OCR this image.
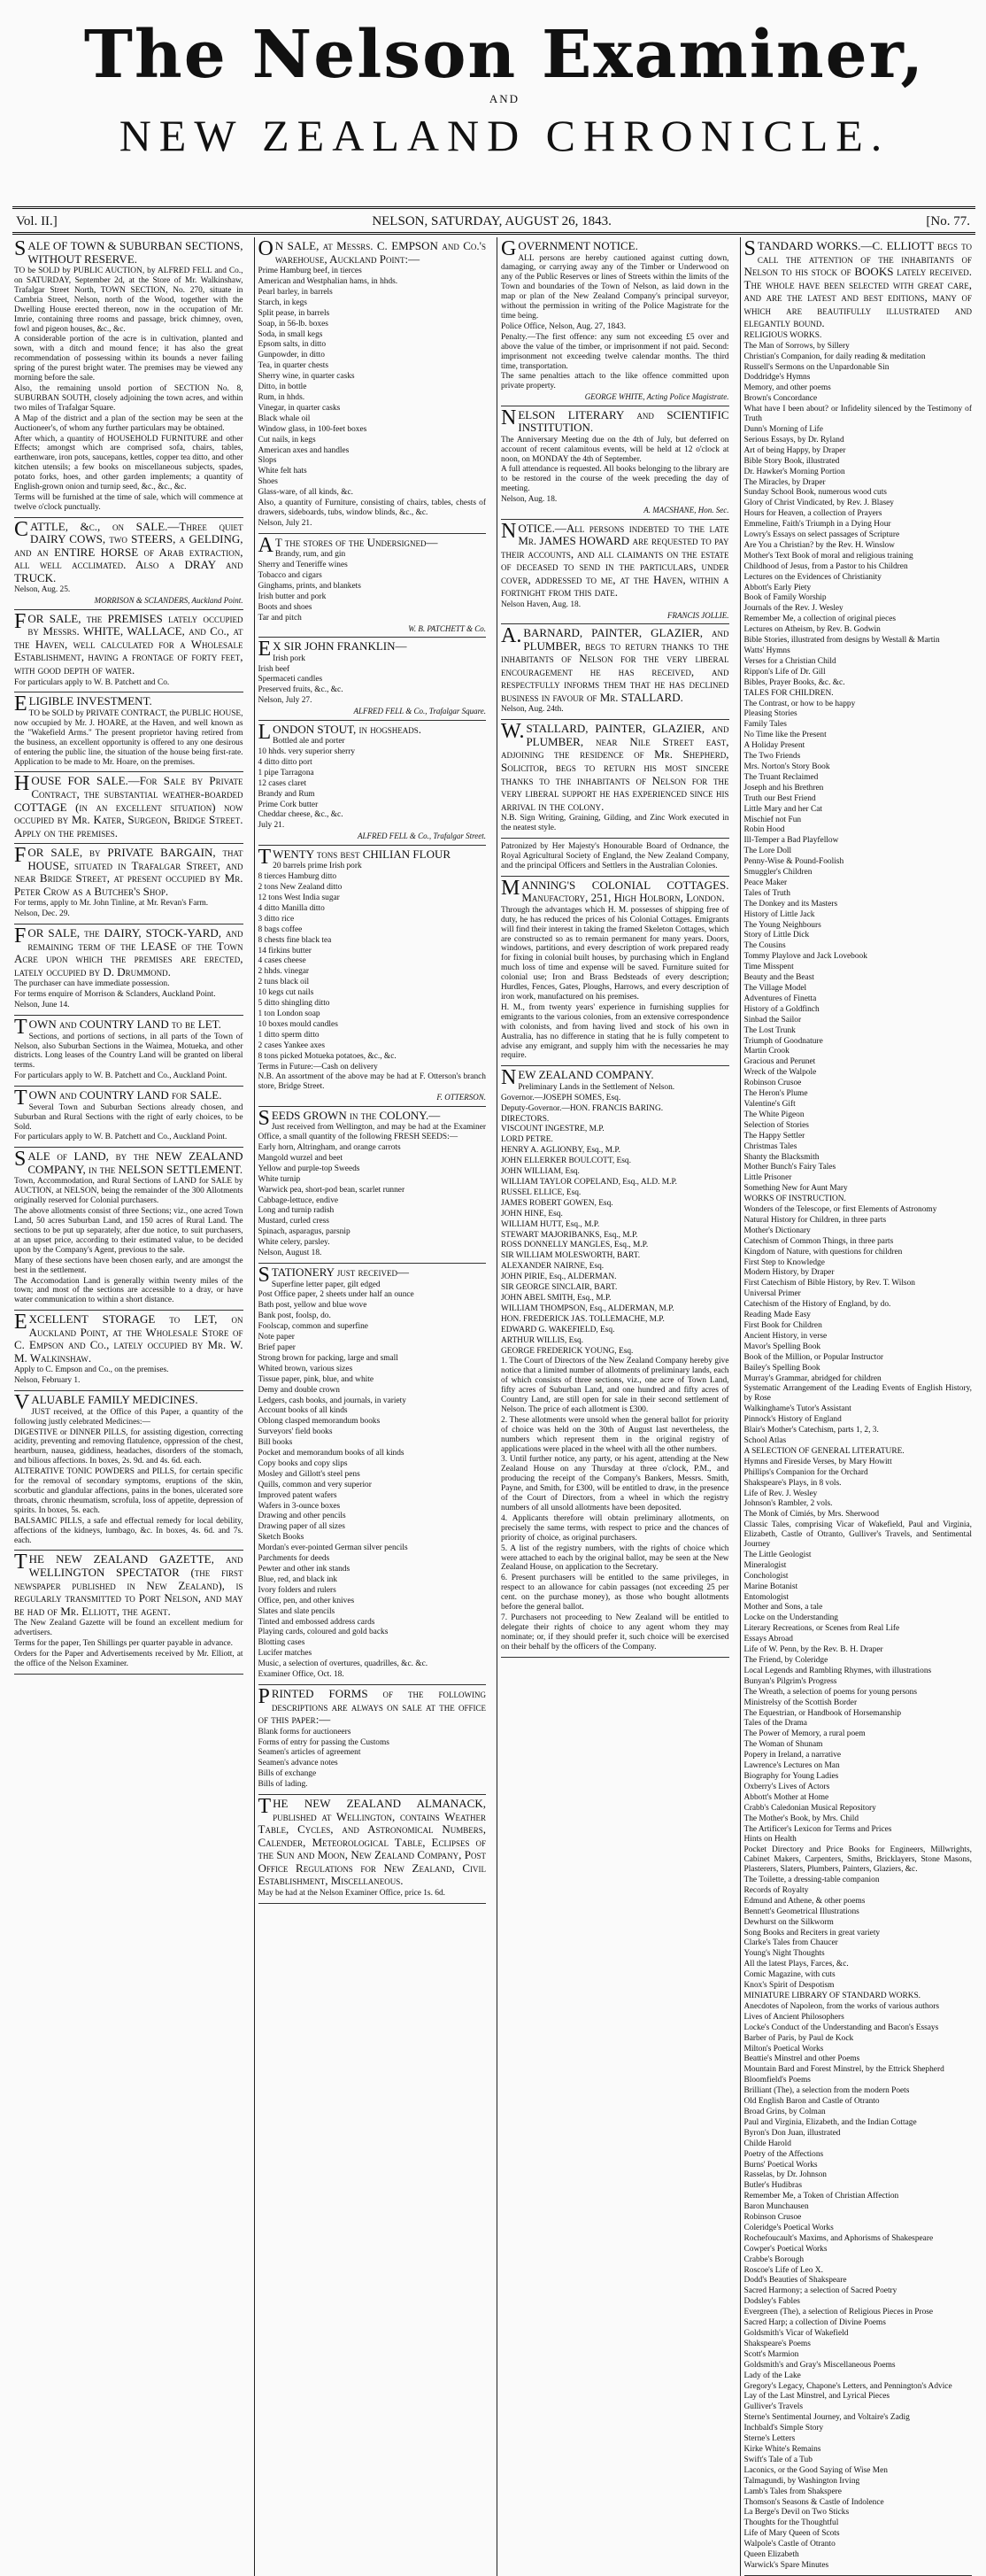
The Nelson Examiner,
AND
NEW ZEALAND CHRONICLE.
Vol. II.]	NELSON, SATURDAY, AUGUST 26, 1843.	[No. 77.
SALE OF TOWN & SUBURBAN SECTIONS, WITHOUT RESERVE.

TO be SOLD by PUBLIC AUCTION, by ALFRED FELL and Co., on SATURDAY, September 2d, at the Store of Mr. Walkinshaw, Trafalgar Street North, TOWN SECTION, No. 270, situate in Cambria Street, Nelson, north of the Wood, together with the Dwelling House erected thereon, now in the occupation of Mr. Imrie, containing three rooms and passage, brick chimney, oven, fowl and pigeon houses, &c., &c.

A considerable portion of the acre is in cultivation, planted and sown, with a ditch and mound fence; it has also the great recommendation of possessing within its bounds a never failing spring of the purest bright water. The premises may be viewed any morning before the sale.

Also, the remaining unsold portion of SECTION No. 8, SUBURBAN SOUTH, closely adjoining the town acres, and within two miles of Trafalgar Square.

A Map of the district and a plan of the section may be seen at the Auctioneer's, of whom any further particulars may be obtained.

After which, a quantity of HOUSEHOLD FURNITURE and other Effects; amongst which are comprised sofa, chairs, tables, earthenware, iron pots, saucepans, kettles, copper tea ditto, and other kitchen utensils; a few books on miscellaneous subjects, spades, potato forks, hoes, and other garden implements; a quantity of English-grown onion and turnip seed, &c., &c., &c.

Terms will be furnished at the time of sale, which will commence at twelve o'clock punctually.

CATTLE, &c., on SALE.—Three quiet DAIRY COWS, two STEERS, a GELDING, and an ENTIRE HORSE of Arab extraction, all well acclimated. Also a DRAY and TRUCK.

Nelson, Aug. 25.

MORRISON & SCLANDERS, Auckland Point.
FOR SALE, the PREMISES lately occupied by Messrs. WHITE, WALLACE, and Co., at the Haven, well calculated for a Wholesale Establishment, having a frontage of forty feet, with good depth of water.

For particulars apply to W. B. Patchett and Co.

ELIGIBLE INVESTMENT.

TO be SOLD by PRIVATE CONTRACT, the PUBLIC HOUSE, now occupied by Mr. J. HOARE, at the Haven, and well known as the "Wakefield Arms." The present proprietor having retired from the business, an excellent opportunity is offered to any one desirous of entering the public line, the situation of the house being first-rate. Application to be made to Mr. Hoare, on the premises.

HOUSE FOR SALE.—For Sale by Private Contract, the substantial weather-boarded COTTAGE (in an excellent situation) now occupied by Mr. Kater, Surgeon, Bridge Street. Apply on the premises.
FOR SALE, by PRIVATE BARGAIN, that HOUSE, situated in Trafalgar Street, and near Bridge Street, at present occupied by Mr. Peter Crow as a Butcher's Shop.

For terms, apply to Mr. John Tinline, at Mr. Revan's Farm.

Nelson, Dec. 29.

FOR SALE, the DAIRY, STOCK-YARD, and remaining term of the LEASE of the Town Acre upon which the premises are erected, lately occupied by D. Drummond.

The purchaser can have immediate possession.

For terms enquire of Morrison & Sclanders, Auckland Point.

Nelson, June 14.

TOWN and COUNTRY LAND to be LET.

Sections, and portions of sections, in all parts of the Town of Nelson, also Suburban Sections in the Waimea, Motueka, and other districts. Long leases of the Country Land will be granted on liberal terms.

For particulars apply to W. B. Patchett and Co., Auckland Point.

TOWN and COUNTRY LAND for SALE.

Several Town and Suburban Sections already chosen, and Suburban and Rural Sections with the right of early choices, to be Sold.

For particulars apply to W. B. Patchett and Co., Auckland Point.

SALE of LAND, by the NEW ZEALAND COMPANY, in the NELSON SETTLEMENT.

Town, Accommodation, and Rural Sections of LAND for SALE by AUCTION, at NELSON, being the remainder of the 300 Allotments originally reserved for Colonial purchasers.

The above allotments consist of three Sections; viz., one acred Town Land, 50 acres Suburban Land, and 150 acres of Rural Land. The sections to be put up separately, after due notice, to suit purchasers, at an upset price, according to their estimated value, to be decided upon by the Company's Agent, previous to the sale.

Many of these sections have been chosen early, and are amongst the best in the settlement.

The Accomodation Land is generally within twenty miles of the town; and most of the sections are accessible to a dray, or have water communication to within a short distance.

EXCELLENT STORAGE to LET, on Auckland Point, at the Wholesale Store of C. Empson and Co., lately occupied by Mr. W. M. Walkinshaw.

Apply to C. Empson and Co., on the premises.

Nelson, February 1.

VALUABLE FAMILY MEDICINES.

JUST received, at the Office of this Paper, a quantity of the following justly celebrated Medicines:—

DIGESTIVE or DINNER PILLS, for assisting digestion, correcting acidity, preventing and removing flatulence, oppression of the chest, heartburn, nausea, giddiness, headaches, disorders of the stomach, and bilious affections. In boxes, 2s. 9d. and 4s. 6d. each.

ALTERATIVE TONIC POWDERS and PILLS, for certain specific for the removal of secondary symptoms, eruptions of the skin, scorbutic and glandular affections, pains in the bones, ulcerated sore throats, chronic rheumatism, scrofula, loss of appetite, depression of spirits. In boxes, 5s. each.

BALSAMIC PILLS, a safe and effectual remedy for local debility, affections of the kidneys, lumbago, &c. In boxes, 4s. 6d. and 7s. each.

THE NEW ZEALAND GAZETTE, and WELLINGTON SPECTATOR (the first newspaper published in New Zealand), is regularly transmitted to Port Nelson, and may be had of Mr. Elliott, the agent.

The New Zealand Gazette will be found an excellent medium for advertisers.

Terms for the paper, Ten Shillings per quarter payable in advance.

Orders for the Paper and Advertisements received by Mr. Elliott, at the office of the Nelson Examiner.

ON SALE, at Messrs. C. EMPSON and Co.'s warehouse, Auckland Point:—

Prime Hamburg beef, in tierces

American and Westphalian hams, in hhds.

Pearl barley, in barrels

Starch, in kegs

Split pease, in barrels

Soap, in 56-lb. boxes

Soda, in small kegs

Epsom salts, in ditto

Gunpowder, in ditto

Tea, in quarter chests

Sherry wine, in quarter casks

Ditto, in bottle

Rum, in hhds.

Vinegar, in quarter casks

Black whale oil

Window glass, in 100-feet boxes

Cut nails, in kegs

American axes and handles

Slops

White felt hats

Shoes

Glass-ware, of all kinds, &c.

Also, a quantity of Furniture, consisting of chairs, tables, chests of drawers, sideboards, tubs, window blinds, &c., &c.

Nelson, July 21.

AT the stores of the Undersigned—

Brandy, rum, and gin

Sherry and Teneriffe wines

Tobacco and cigars

Ginghams, prints, and blankets

Irish butter and pork

Boots and shoes

Tar and pitch

W. B. PATCHETT & Co.
EX SIR JOHN FRANKLIN—

Irish pork

Irish beef

Spermaceti candles

Preserved fruits, &c., &c.

Nelson, July 27.

ALFRED FELL & Co., Trafalgar Square.
LONDON STOUT, in hogsheads.

Bottled ale and porter

10 hhds. very superior sherry

4 ditto ditto port

1 pipe Tarragona

12 cases claret

Brandy and Rum

Prime Cork butter

Cheddar cheese, &c., &c.

July 21.

ALFRED FELL & Co., Trafalgar Street.
TWENTY tons best CHILIAN FLOUR

20 barrels prime Irish pork

8 tierces Hamburg ditto

2 tons New Zealand ditto

12 tons West India sugar

4 ditto Manilla ditto

3 ditto rice

8 bags coffee

8 chests fine black tea

14 firkins butter

4 cases cheese

2 hhds. vinegar

2 tuns black oil

10 kegs cut nails

5 ditto shingling ditto

1 ton London soap

10 boxes mould candles

1 ditto sperm ditto

2 cases Yankee axes

8 tons picked Motueka potatoes, &c., &c.

Terms in Future:—Cash on delivery

N.B. An assortment of the above may be had at F. Otterson's branch store, Bridge Street.

F. OTTERSON.
SEEDS GROWN in the COLONY.—

Just received from Wellington, and may be had at the Examiner Office, a small quantity of the following FRESH SEEDS:—

Early horn, Altringham, and orange carrots

Mangold wurzel and beet

Yellow and purple-top Sweeds

White turnip

Warwick pea, short-pod bean, scarlet runner

Cabbage-lettuce, endive

Long and turnip radish

Mustard, curled cress

Spinach, asparagus, parsnip

White celery, parsley.

Nelson, August 18.

STATIONERY just received—

Superfine letter paper, gilt edged

Post Office paper, 2 sheets under half an ounce

Bath post, yellow and blue wove

Bank post, foolsp, do.

Foolscap, common and superfine

Note paper

Brief paper

Strong brown for packing, large and small

Whited brown, various sizes

Tissue paper, pink, blue, and white

Demy and double crown

Ledgers, cash books, and journals, in variety

Account books of all kinds

Oblong clasped memorandum books

Surveyors' field books

Bill books

Pocket and memorandum books of all kinds

Copy books and copy slips

Mosley and Gillott's steel pens

Quills, common and very superior

Improved patent wafers

Wafers in 3-ounce boxes

Drawing and other pencils

Drawing paper of all sizes

Sketch Books

Mordan's ever-pointed German silver pencils

Parchments for deeds

Pewter and other ink stands

Blue, red, and black ink

Ivory folders and rulers

Office, pen, and other knives

Slates and slate pencils

Tinted and embossed address cards

Playing cards, coloured and gold backs

Blotting cases

Lucifer matches

Music, a selection of overtures, quadrilles, &c. &c.

Examiner Office, Oct. 18.

PRINTED FORMS of the following descriptions are always on sale at the office of this paper:—

Blank forms for auctioneers

Forms of entry for passing the Customs

Seamen's articles of agreement

Seamen's advance notes

Bills of exchange

Bills of lading.

THE NEW ZEALAND ALMANACK, published at Wellington, contains Weather Table, Cycles, and Astronomical Numbers, Calender, Meteorological Table, Eclipses of the Sun and Moon, New Zealand Company, Post Office Regulations for New Zealand, Civil Establishment, Miscellaneous.

May be had at the Nelson Examiner Office, price 1s. 6d.

GOVERNMENT NOTICE.

ALL persons are hereby cautioned against cutting down, damaging, or carrying away any of the Timber or Underwood on any of the Public Reserves or lines of Streets within the limits of the Town and boundaries of the Town of Nelson, as laid down in the map or plan of the New Zealand Company's principal surveyor, without the permission in writing of the Police Magistrate for the time being.

Police Office, Nelson, Aug. 27, 1843.

Penalty.—The first offence: any sum not exceeding £5 over and above the value of the timber, or imprisonment if not paid. Second: imprisonment not exceeding twelve calendar months. The third time, transportation.

The same penalties attach to the like offence committed upon private property.

GEORGE WHITE, Acting Police Magistrate.
NELSON LITERARY and SCIENTIFIC INSTITUTION.

The Anniversary Meeting due on the 4th of July, but deferred on account of recent calamitous events, will be held at 12 o'clock at noon, on MONDAY the 4th of September.

A full attendance is requested. All books belonging to the library are to be restored in the course of the week preceding the day of meeting.

Nelson, Aug. 18.

A. MACSHANE, Hon. Sec.
NOTICE.—All persons indebted to the late Mr. JAMES HOWARD are requested to pay their accounts, and all claimants on the estate of deceased to send in the particulars, under cover, addressed to me, at the Haven, within a fortnight from this date.

Nelson Haven, Aug. 18.

FRANCIS JOLLIE.
A.BARNARD, PAINTER, GLAZIER, and PLUMBER, begs to return thanks to the inhabitants of Nelson for the very liberal encouragement he has received, and respectfully informs them that he has declined business in favour of Mr. STALLARD.

Nelson, Aug. 24th.

W.STALLARD, PAINTER, GLAZIER, and PLUMBER, near Nile Street east, adjoining the residence of Mr. Shepherd, Solicitor, begs to return his most sincere thanks to the inhabitants of Nelson for the very liberal support he has experienced since his arrival in the colony.

N.B. Sign Writing, Graining, Gilding, and Zinc Work executed in the neatest style.

Patronized by Her Majesty's Honourable Board of Ordnance, the Royal Agricultural Society of England, the New Zealand Company, and the principal Officers and Settlers in the Australian Colonies.

MANNING'S COLONIAL COTTAGES. Manufactory, 251, High Holborn, London.

Through the advantages which H. M. possesses of shipping free of duty, he has reduced the prices of his Colonial Cottages. Emigrants will find their interest in taking the framed Skeleton Cottages, which are constructed so as to remain permanent for many years. Doors, windows, partitions, and every description of work prepared ready for fixing in colonial built houses, by purchasing which in England much loss of time and expense will be saved. Furniture suited for colonial use; Iron and Brass Bedsteads of every description; Hurdles, Fences, Gates, Ploughs, Harrows, and every description of iron work, manufactured on his premises.

H. M., from twenty years' experience in furnishing supplies for emigrants to the various colonies, from an extensive correspondence with colonists, and from having lived and stock of his own in Australia, has no difference in stating that he is fully competent to advise any emigrant, and supply him with the necessaries he may require.

NEW ZEALAND COMPANY.

Preliminary Lands in the Settlement of Nelson.

Governor.—JOSEPH SOMES, Esq.

Deputy-Governor.—HON. FRANCIS BARING.

DIRECTORS.

VISCOUNT INGESTRE, M.P.

LORD PETRE.

HENRY A. AGLIONBY, Esq., M.P.

JOHN ELLERKER BOULCOTT, Esq.

JOHN WILLIAM, Esq.

WILLIAM TAYLOR COPELAND, Esq., ALD. M.P.

RUSSEL ELLICE, Esq.

JAMES ROBERT GOWEN, Esq.

JOHN HINE, Esq.

WILLIAM HUTT, Esq., M.P.

STEWART MAJORIBANKS, Esq., M.P.

ROSS DONNELLY MANGLES, Esq., M.P.

SIR WILLIAM MOLESWORTH, BART.

ALEXANDER NAIRNE, Esq.

JOHN PIRIE, Esq., ALDERMAN.

SIR GEORGE SINCLAIR, BART.

JOHN ABEL SMITH, Esq., M.P.

WILLIAM THOMPSON, Esq., ALDERMAN, M.P.

HON. FREDERICK JAS. TOLLEMACHE, M.P.

EDWARD G. WAKEFIELD, Esq.

ARTHUR WILLIS, Esq.

GEORGE FREDERICK YOUNG, Esq.

1. The Court of Directors of the New Zealand Company hereby give notice that a limited number of allotments of preliminary lands, each of which consists of three sections, viz., one acre of Town Land, fifty acres of Suburban Land, and one hundred and fifty acres of Country Land, are still open for sale in their second settlement of Nelson. The price of each allotment is £300.

2. These allotments were unsold when the general ballot for priority of choice was held on the 30th of August last nevertheless, the numbers which represent them in the original registry of applications were placed in the wheel with all the other numbers.

3. Until further notice, any party, or his agent, attending at the New Zealand House on any Thursday at three o'clock, P.M., and producing the receipt of the Company's Bankers, Messrs. Smith, Payne, and Smith, for £300, will be entitled to draw, in the presence of the Court of Directors, from a wheel in which the registry numbers of all unsold allotments have been deposited.

4. Applicants therefore will obtain preliminary allotments, on precisely the same terms, with respect to price and the chances of priority of choice, as original purchasers.

5. A list of the registry numbers, with the rights of choice which were attached to each by the original ballot, may be seen at the New Zealand House, on application to the Secretary.

6. Present purchasers will be entitled to the same privileges, in respect to an allowance for cabin passages (not exceeding 25 per cent. on the purchase money), as those who bought allotments before the general ballot.

7. Purchasers not proceeding to New Zealand will be entitled to delegate their rights of choice to any agent whom they may nominate; or, if they should prefer it, such choice will be exercised on their behalf by the officers of the Company.

STANDARD WORKS.—C. ELLIOTT begs to call the attention of the inhabitants of Nelson to his stock of BOOKS lately received. The whole have been selected with great care, and are the latest and best editions, many of which are beautifully illustrated and elegantly bound.

RELIGIOUS WORKS.

The Man of Sorrows, by Sillery

Christian's Companion, for daily reading & meditation

Russell's Sermons on the Unpardonable Sin

Doddridge's Hymns

Memory, and other poems

Brown's Concordance

What have I been about? or Infidelity silenced by the Testimony of Truth

Dunn's Morning of Life

Serious Essays, by Dr. Ryland

Art of being Happy, by Draper

Bible Story Book, illustrated

Dr. Hawker's Morning Portion

The Miracles, by Draper

Sunday School Book, numerous wood cuts

Glory of Christ Vindicated, by Rev. J. Blasey

Hours for Heaven, a collection of Prayers

Emmeline, Faith's Triumph in a Dying Hour

Lowry's Essays on select passages of Scripture

Are You a Christian? by the Rev. H. Winslow

Mother's Text Book of moral and religious training

Childhood of Jesus, from a Pastor to his Children

Lectures on the Evidences of Christianity

Abbott's Early Piety

Book of Family Worship

Journals of the Rev. J. Wesley

Remember Me, a collection of original pieces

Lectures on Atheism, by Rev. B. Godwin

Bible Stories, illustrated from designs by Westall & Martin

Watts' Hymns

Verses for a Christian Child

Rippon's Life of Dr. Gill

Bibles, Prayer Books, &c. &c.

TALES FOR CHILDREN.

The Contrast, or how to be happy

Pleasing Stories

Family Tales

No Time like the Present

A Holiday Present

The Two Friends

Mrs. Norton's Story Book

The Truant Reclaimed

Joseph and his Brethren

Truth our Best Friend

Little Mary and her Cat

Mischief not Fun

Robin Hood

Ill-Temper a Bad Playfellow

The Lore Doll

Penny-Wise & Pound-Foolish

Smuggler's Children

Peace Maker

Tales of Truth

The Donkey and its Masters

History of Little Jack

The Young Neighbours

Story of Little Dick

The Cousins

Tommy Playlove and Jack Lovebook

Time Misspent

Beauty and the Beast

The Village Model

Adventures of Finetta

History of a Goldfinch

Sinbad the Sailor

The Lost Trunk

Triumph of Goodnature

Martin Crook

Gracious and Perunet

Wreck of the Walpole

Robinson Crusoe

The Heron's Plume

Valentine's Gift

The White Pigeon

Selection of Stories

The Happy Settler

Christmas Tales

Shanty the Blacksmith

Mother Bunch's Fairy Tales

Little Prisoner

Something New for Aunt Mary

WORKS OF INSTRUCTION.

Wonders of the Telescope, or first Elements of Astronomy

Natural History for Children, in three parts

Mother's Dictionary

Catechism of Common Things, in three parts

Kingdom of Nature, with questions for children

First Step to Knowledge

Modern History, by Draper

First Catechism of Bible History, by Rev. T. Wilson

Universal Primer

Catechism of the History of England, by do.

Reading Made Easy

First Book for Children

Ancient History, in verse

Mavor's Spelling Book

Book of the Million, or Popular Instructor

Bailey's Spelling Book

Murray's Grammar, abridged for children

Systematic Arrangement of the Leading Events of English History, by Rose

Walkinghame's Tutor's Assistant

Pinnock's History of England

Blair's Mother's Catechism, parts 1, 2, 3.

School Atlas

A SELECTION OF GENERAL LITERATURE.

Hymns and Fireside Verses, by Mary Howitt

Phillips's Companion for the Orchard

Shakspeare's Plays, in 8 vols.

Life of Rev. J. Wesley

Johnson's Rambler, 2 vols.

The Monk of Cimiés, by Mrs. Sherwood

Classic Tales, comprising Vicar of Wakefield, Paul and Virginia, Elizabeth, Castle of Otranto, Gulliver's Travels, and Sentimental Journey

The Little Geologist

Mineralogist

Conchologist

Marine Botanist

Entomologist

Mother and Sons, a tale

Locke on the Understanding

Literary Recreations, or Scenes from Real Life

Essays Abroad

Life of W. Penn, by the Rev. B. H. Draper

The Friend, by Coleridge

Local Legends and Rambling Rhymes, with illustrations

Bunyan's Pilgrim's Progress

The Wreath, a selection of poems for young persons

Ministrelsy of the Scottish Border

The Equestrian, or Handbook of Horsemanship

Tales of the Drama

The Power of Memory, a rural poem

The Woman of Shunam

Popery in Ireland, a narrative

Lawrence's Lectures on Man

Biography for Young Ladies

Oxberry's Lives of Actors

Abbott's Mother at Home

Crabb's Caledonian Musical Repository

The Mother's Book, by Mrs. Child

The Artificer's Lexicon for Terms and Prices

Hints on Health

Pocket Directory and Price Books for Engineers, Millwrights, Cabinet Makers, Carpenters, Smiths, Bricklayers, Stone Masons, Plasterers, Slaters, Plumbers, Painters, Glaziers, &c.

The Toilette, a dressing-table companion

Records of Royalty

Edmund and Athene, & other poems

Bennett's Geometrical Illustrations

Dewhurst on the Silkworm

Song Books and Reciters in great variety

Clarke's Tales from Chaucer

Young's Night Thoughts

All the latest Plays, Farces, &c.

Comic Magazine, with cuts

Knox's Spirit of Despotism

MINIATURE LIBRARY OF STANDARD WORKS.

Anecdotes of Napoleon, from the works of various authors

Lives of Ancient Philosophers

Locke's Conduct of the Understanding and Bacon's Essays

Barber of Paris, by Paul de Kock

Milton's Poetical Works

Beattie's Minstrel and other Poems

Mountain Bard and Forest Minstrel, by the Ettrick Shepherd

Bloomfield's Poems

Brilliant (The), a selection from the modern Poets

Old English Baron and Castle of Otranto

Broad Grins, by Colman

Paul and Virginia, Elizabeth, and the Indian Cottage

Byron's Don Juan, illustrated

Childe Harold

Poetry of the Affections

Burns' Poetical Works

Rasselas, by Dr. Johnson

Butler's Hudibras

Remember Me, a Token of Christian Affection

Baron Munchausen

Robinson Crusoe

Coleridge's Poetical Works

Rochefoucault's Maxims, and Aphorisms of Shakespeare

Cowper's Poetical Works

Crabbe's Borough

Roscoe's Life of Leo X.

Dodd's Beauties of Shakspeare

Sacred Harmony; a selection of Sacred Poetry

Dodsley's Fables

Evergreen (The), a selection of Religious Pieces in Prose

Sacred Harp; a collection of Divine Poems

Goldsmith's Vicar of Wakefield

Shakspeare's Poems

Scott's Marmion

Goldsmith's and Gray's Miscellaneous Poems

Lady of the Lake

Gregory's Legacy, Chapone's Letters, and Pennington's Advice

Lay of the Last Minstrel, and Lyrical Pieces

Gulliver's Travels

Sterne's Sentimental Journey, and Voltaire's Zadig

Inchbald's Simple Story

Sterne's Letters

Kirke White's Remains

Swift's Tale of a Tub

Laconics, or the Good Saying of Wise Men

Talmagundi, by Washington Irving

Lamb's Tales from Shakspere

Thomson's Seasons & Castle of Indolence

La Berge's Devil on Two Sticks

Thoughts for the Thoughtful

Life of Mary Queen of Scots

Walpole's Castle of Otranto

Queen Elizabeth

Warwick's Spare Minutes
